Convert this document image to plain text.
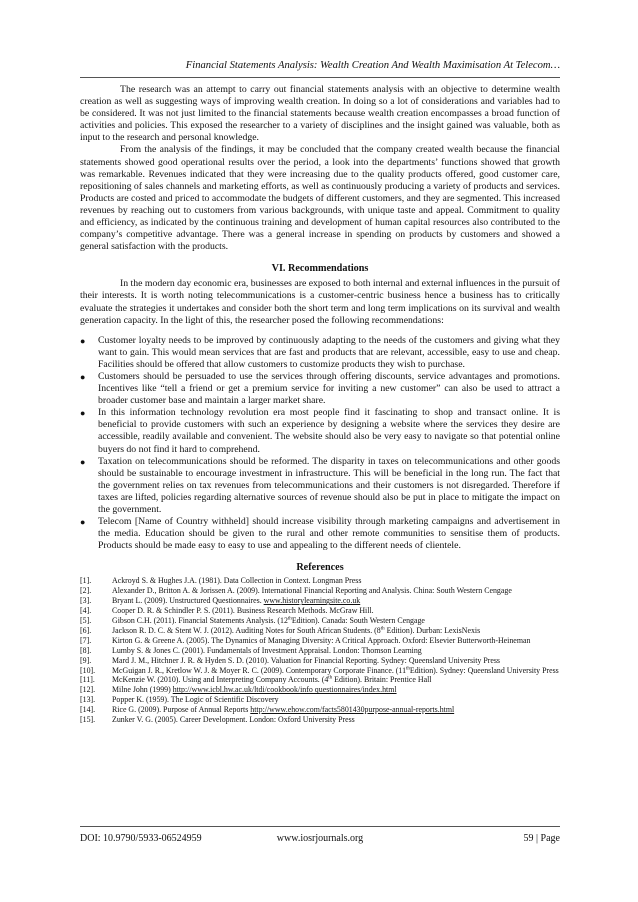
Financial Statements Analysis: Wealth Creation And Wealth Maximisation At Telecom…

The research was an attempt to carry out financial statements analysis with an objective to determine wealth creation as well as suggesting ways of improving wealth creation. In doing so a lot of considerations and variables had to be considered. It was not just limited to the financial statements because wealth creation encompasses a broad function of activities and policies. This exposed the researcher to a variety of disciplines and the insight gained was valuable, both as input to the research and personal knowledge.

From the analysis of the findings, it may be concluded that the company created wealth because the financial statements showed good operational results over the period, a look into the departments’ functions showed that growth was remarkable. Revenues indicated that they were increasing due to the quality products offered, good customer care, repositioning of sales channels and marketing efforts, as well as continuously producing a variety of products and services. Products are costed and priced to accommodate the budgets of different customers, and they are segmented. This increased revenues by reaching out to customers from various backgrounds, with unique taste and appeal. Commitment to quality and efficiency, as indicated by the continuous training and development of human capital resources also contributed to the company’s competitive advantage. There was a general increase in spending on products by customers and showed a general satisfaction with the products.

VI. Recommendations

In the modern day economic era, businesses are exposed to both internal and external influences in the pursuit of their interests. It is worth noting telecommunications is a customer-centric business hence a business has to critically evaluate the strategies it undertakes and consider both the short term and long term implications on its survival and wealth generation capacity. In the light of this, the researcher posed the following recommendations:

● Customer loyalty needs to be improved by continuously adapting to the needs of the customers and giving what they want to gain. This would mean services that are fast and products that are relevant, accessible, easy to use and cheap. Facilities should be offered that allow customers to customize products they wish to purchase.
● Customers should be persuaded to use the services through offering discounts, service advantages and promotions. Incentives like “tell a friend or get a premium service for inviting a new customer” can also be used to attract a broader customer base and maintain a larger market share.
● In this information technology revolution era most people find it fascinating to shop and transact online. It is beneficial to provide customers with such an experience by designing a website where the services they desire are accessible, readily available and convenient. The website should also be very easy to navigate so that potential online buyers do not find it hard to comprehend.
● Taxation on telecommunications should be reformed. The disparity in taxes on telecommunications and other goods should be sustainable to encourage investment in infrastructure. This will be beneficial in the long run. The fact that the government relies on tax revenues from telecommunications and their customers is not disregarded. Therefore if taxes are lifted, policies regarding alternative sources of revenue should also be put in place to mitigate the impact on the government.
● Telecom [Name of Country withheld] should increase visibility through marketing campaigns and advertisement in the media. Education should be given to the rural and other remote communities to sensitise them of products. Products should be made easy to easy to use and appealing to the different needs of clientele.
References
[1].	Ackroyd S. & Hughes J.A. (1981). Data Collection in Context. Longman Press
[2].	Alexander D., Britton A. & Jorissen A. (2009). International Financial Reporting and Analysis. China: South Western Cengage
[3].	Bryant L. (2009). Unstructured Questionnaires. www.historylearningsite.co.uk
[4].	Cooper D. R. & Schindler P. S. (2011). Business Research Methods. McGraw Hill.
[5].	Gibson C.H. (2011). Financial Statements Analysis. (12thEdition). Canada: South Western Cengage
[6].	Jackson R. D. C. & Stent W. J. (2012). Auditing Notes for South African Students. (8th Edition). Durban: LexisNexis
[7].	Kirton G. & Greene A. (2005). The Dynamics of Managing Diversity: A Critical Approach. Oxford: Elsevier Butterworth-Heineman
[8].	Lumby S. & Jones C. (2001). Fundamentals of Investment Appraisal. London: Thomson Learning
[9].	Mard J. M., Hitchner J. R. & Hyden S. D. (2010). Valuation for Financial Reporting. Sydney: Queensland University Press
[10]. McGuigan J. R., Kretlow W. J. & Moyer R. C. (2009). Contemporary Corporate Finance. (11thEdition). Sydney: Queensland University Press
[11]. McKenzie W. (2010). Using and Interpreting Company Accounts. (4th Edition). Britain: Prentice Hall
[12]. Milne John (1999) http://www.icbl.hw.ac.uk/ltdi/cookbook/info questionnaires/index.html
[13]. Popper K. (1959). The Logic of Scientific Discovery
[14]. Rice G. (2009). Purpose of Annual Reports http://www.ehow.com/facts5801430purpose-annual-reports.html
[15]. Zunker V. G. (2005). Career Development. London: Oxford University Press
DOI: 10.9790/5933-06524959	www.iosrjournals.org	59 | Page
